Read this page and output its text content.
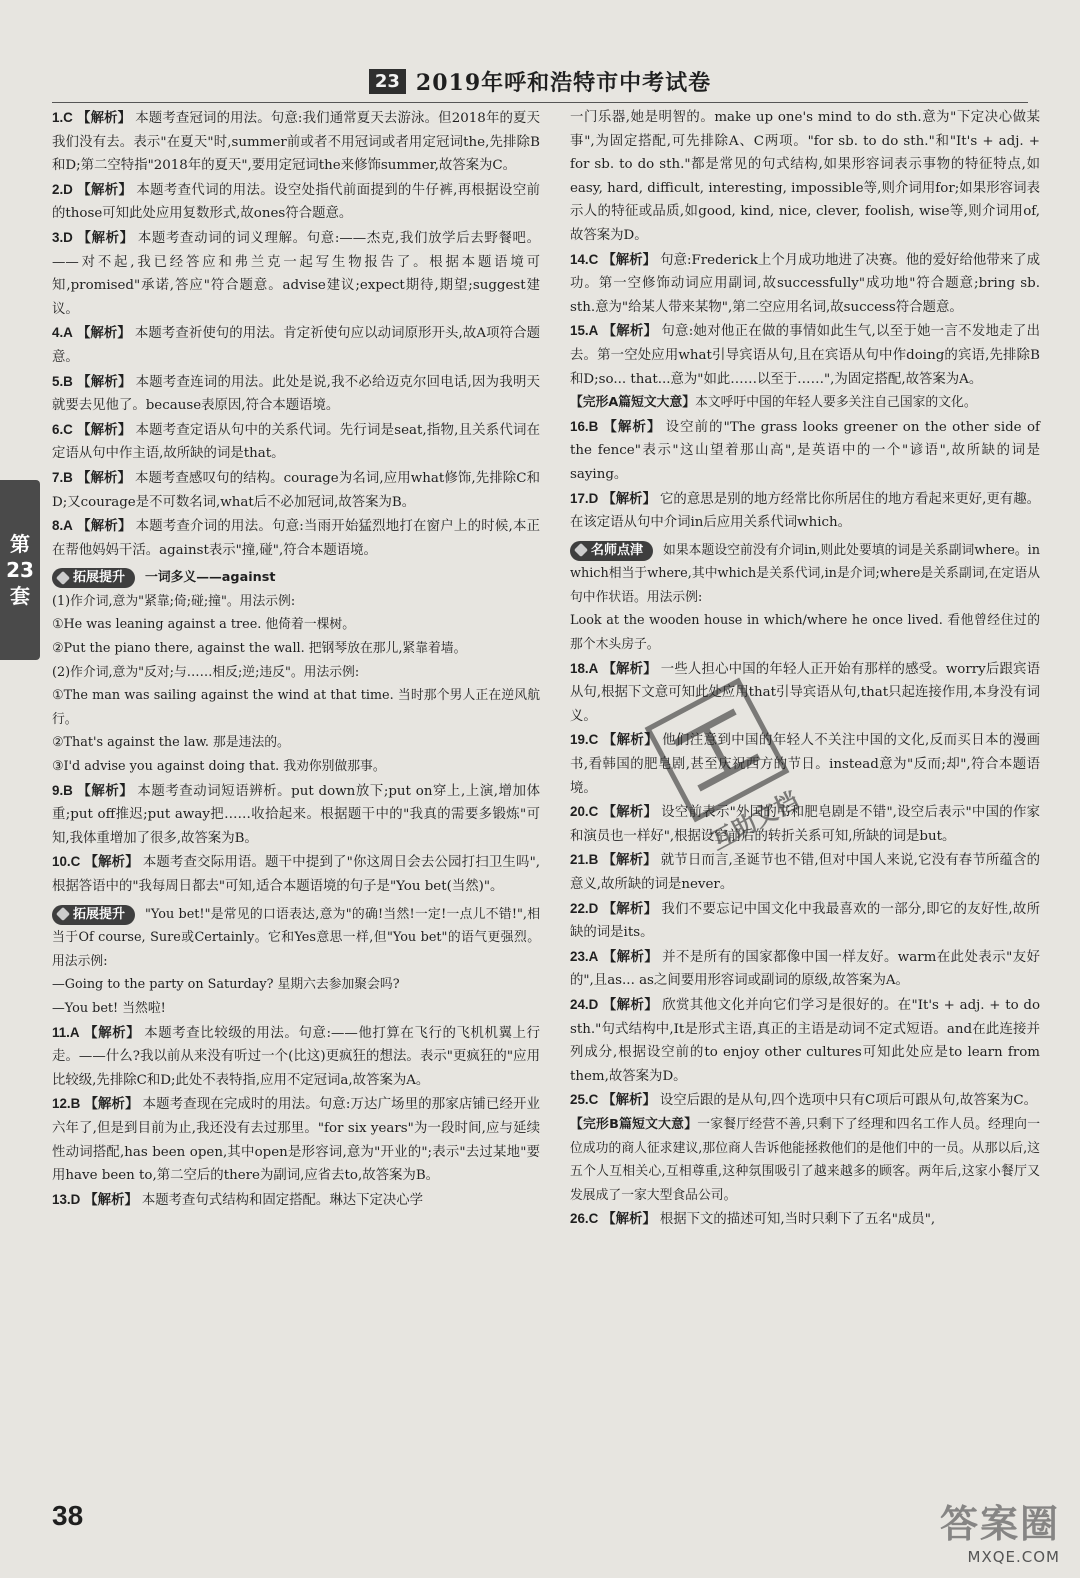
23 2019年呼和浩特市中考试卷
第
23
套

1.C 【解析】 本题考查冠词的用法。句意:我们通常夏天去游泳。但2018年的夏天我们没有去。表示"在夏天"时,summer前或者不用冠词或者用定冠词the,先排除B和D;第二空特指"2018年的夏天",要用定冠词the来修饰summer,故答案为C。

2.D 【解析】 本题考查代词的用法。设空处指代前面提到的牛仔裤,再根据设空前的those可知此处应用复数形式,故ones符合题意。

3.D 【解析】 本题考查动词的词义理解。句意:——杰克,我们放学后去野餐吧。——对不起,我已经答应和弗兰克一起写生物报告了。根据本题语境可知,promised"承诺,答应"符合题意。advise建议;expect期待,期望;suggest建议。

4.A 【解析】 本题考查祈使句的用法。肯定祈使句应以动词原形开头,故A项符合题意。

5.B 【解析】 本题考查连词的用法。此处是说,我不必给迈克尔回电话,因为我明天就要去见他了。because表原因,符合本题语境。

6.C 【解析】 本题考查定语从句中的关系代词。先行词是seat,指物,且关系代词在定语从句中作主语,故所缺的词是that。

7.B 【解析】 本题考查感叹句的结构。courage为名词,应用what修饰,先排除C和D;又courage是不可数名词,what后不必加冠词,故答案为B。

8.A 【解析】 本题考查介词的用法。句意:当雨开始猛烈地打在窗户上的时候,本正在帮他妈妈干活。against表示"撞,碰",符合本题语境。

拓展提升 一词多义——against

(1)作介词,意为"紧靠;倚;碰;撞"。用法示例:

①He was leaning against a tree. 他倚着一棵树。

②Put the piano there, against the wall. 把钢琴放在那儿,紧靠着墙。

(2)作介词,意为"反对;与……相反;逆;违反"。用法示例:

①The man was sailing against the wind at that time. 当时那个男人正在逆风航行。

②That's against the law. 那是违法的。

③I'd advise you against doing that. 我劝你别做那事。

9.B 【解析】 本题考查动词短语辨析。put down放下;put on穿上,上演,增加体重;put off推迟;put away把……收拾起来。根据题干中的"我真的需要多锻炼"可知,我体重增加了很多,故答案为B。

10.C 【解析】 本题考查交际用语。题干中提到了"你这周日会去公园打扫卫生吗",根据答语中的"我每周日都去"可知,适合本题语境的句子是"You bet(当然)"。

拓展提升 "You bet!"是常见的口语表达,意为"的确!当然!一定!一点儿不错!",相当于Of course, Sure或Certainly。它和Yes意思一样,但"You bet"的语气更强烈。用法示例:

—Going to the party on Saturday? 星期六去参加聚会吗?

—You bet! 当然啦!

11.A 【解析】 本题考查比较级的用法。句意:——他打算在飞行的飞机机翼上行走。——什么?我以前从来没有听过一个(比这)更疯狂的想法。表示"更疯狂的"应用比较级,先排除C和D;此处不表特指,应用不定冠词a,故答案为A。

12.B 【解析】 本题考查现在完成时的用法。句意:万达广场里的那家店铺已经开业六年了,但是到目前为止,我还没有去过那里。"for six years"为一段时间,应与延续性动词搭配,has been open,其中open是形容词,意为"开业的";表示"去过某地"要用have been to,第二空后的there为副词,应省去to,故答案为B。

13.D 【解析】 本题考查句式结构和固定搭配。琳达下定决心学

一门乐器,她是明智的。make up one's mind to do sth.意为"下定决心做某事",为固定搭配,可先排除A、C两项。"for sb. to do sth."和"It's + adj. + for sb. to do sth."都是常见的句式结构,如果形容词表示事物的特征特点,如easy, hard, difficult, interesting, impossible等,则介词用for;如果形容词表示人的特征或品质,如good, kind, nice, clever, foolish, wise等,则介词用of,故答案为D。

14.C 【解析】 句意:Frederick上个月成功地进了决赛。他的爱好给他带来了成功。第一空修饰动词应用副词,故successfully"成功地"符合题意;bring sb. sth.意为"给某人带来某物",第二空应用名词,故success符合题意。

15.A 【解析】 句意:她对他正在做的事情如此生气,以至于她一言不发地走了出去。第一空处应用what引导宾语从句,且在宾语从句中作doing的宾语,先排除B和D;so... that...意为"如此……以至于……",为固定搭配,故答案为A。

【完形A篇短文大意】本文呼吁中国的年轻人要多关注自己国家的文化。

16.B 【解析】 设空前的"The grass looks greener on the other side of the fence"表示"这山望着那山高",是英语中的一个"谚语",故所缺的词是saying。

17.D 【解析】 它的意思是别的地方经常比你所居住的地方看起来更好,更有趣。在该定语从句中介词in后应用关系代词which。

名师点津 如果本题设空前没有介词in,则此处要填的词是关系副词where。in which相当于where,其中which是关系代词,in是介词;where是关系副词,在定语从句中作状语。用法示例:

Look at the wooden house in which/where he once lived. 看他曾经住过的那个木头房子。

18.A 【解析】 一些人担心中国的年轻人正开始有那样的感受。worry后跟宾语从句,根据下文意可知此处应用that引导宾语从句,that只起连接作用,本身没有词义。

19.C 【解析】 他们注意到中国的年轻人不关注中国的文化,反而买日本的漫画书,看韩国的肥皂剧,甚至庆祝西方的节日。instead意为"反而;却",符合本题语境。

20.C 【解析】 设空前表示"外国的书和肥皂剧是不错",设空后表示"中国的作家和演员也一样好",根据设空前后的转折关系可知,所缺的词是but。

21.B 【解析】 就节日而言,圣诞节也不错,但对中国人来说,它没有春节所蕴含的意义,故所缺的词是never。

22.D 【解析】 我们不要忘记中国文化中我最喜欢的一部分,即它的友好性,故所缺的词是its。

23.A 【解析】 并不是所有的国家都像中国一样友好。warm在此处表示"友好的",且as... as之间要用形容词或副词的原级,故答案为A。

24.D 【解析】 欣赏其他文化并向它们学习是很好的。在"It's + adj. + to do sth."句式结构中,It是形式主语,真正的主语是动词不定式短语。and在此连接并列成分,根据设空前的to enjoy other cultures可知此处应是to learn from them,故答案为D。

25.C 【解析】 设空后跟的是从句,四个选项中只有C项后可跟从句,故答案为C。

【完形B篇短文大意】一家餐厅经营不善,只剩下了经理和四名工作人员。经理向一位成功的商人征求建议,那位商人告诉他能拯救他们的是他们中的一员。从那以后,这五个人互相关心,互相尊重,这种氛围吸引了越来越多的顾客。两年后,这家小餐厅又发展成了一家大型食品公司。

26.C 【解析】 根据下文的描述可知,当时只剩下了五名"成员",

互助文档
38	答案圈
MXQE.COM
